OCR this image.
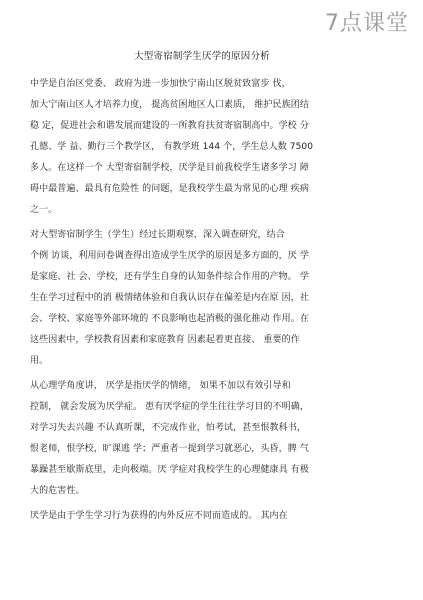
7点课堂
大型寄宿制学生厌学的原因分析

中学是自治区党委、 政府为进一步加快宁南山区脱贫致富步 伐，
加大宁南山区人才培养力度， 提高贫困地区人口素质， 维护民族团结
稳 定，促进社会和谐发展而建设的一所教育扶贫寄宿制高中。学校 分
孔德、学 益、勤行三个教学区， 有教学班 144 个，学生总人数 7500
多人。在这样一个 大型寄宿制学校，厌学是目前我校学生诸多学习 障
碍中最普遍、最具有危险性 的问题，是我校学生最为常见的心理 疾病
之一。

对大型寄宿制学生（学生）经过长期观察，深入调查研究，结合
个例 访谈，利用问卷调查得出造成学生厌学的原因是多方面的，厌 学
是家庭、社 会、学校，还有学生自身的认知条件综合作用的产物。 学
生在学习过程中的消 极情绪体验和自我认识存在偏差是内在原 因，社
会、学校、家庭等外部环境的 不良影响也起消极的强化推动 作用。在
这些因素中，学校教育因素和家庭教育 因素起着更直接、 重要的作
用。

从心理学角度讲， 厌学是指厌学的情绪， 如果不加以有效引导和
控制， 就会发展为厌学症。 患有厌学症的学生往往学习目的不明确，
对学习失去兴趣 不认真听课，不完成作业，怕考试，甚至恨教科书，
恨老师，恨学校，旷课逃 学；严重者一提到学习就恶心，头昏，脾 气
暴躁甚至歇斯底里，走向极端。厌 学症对我校学生的心理健康具 有极
大的危害性。

厌学是由于学生学习行为获得的内外反应不同而造成的。 其内在
